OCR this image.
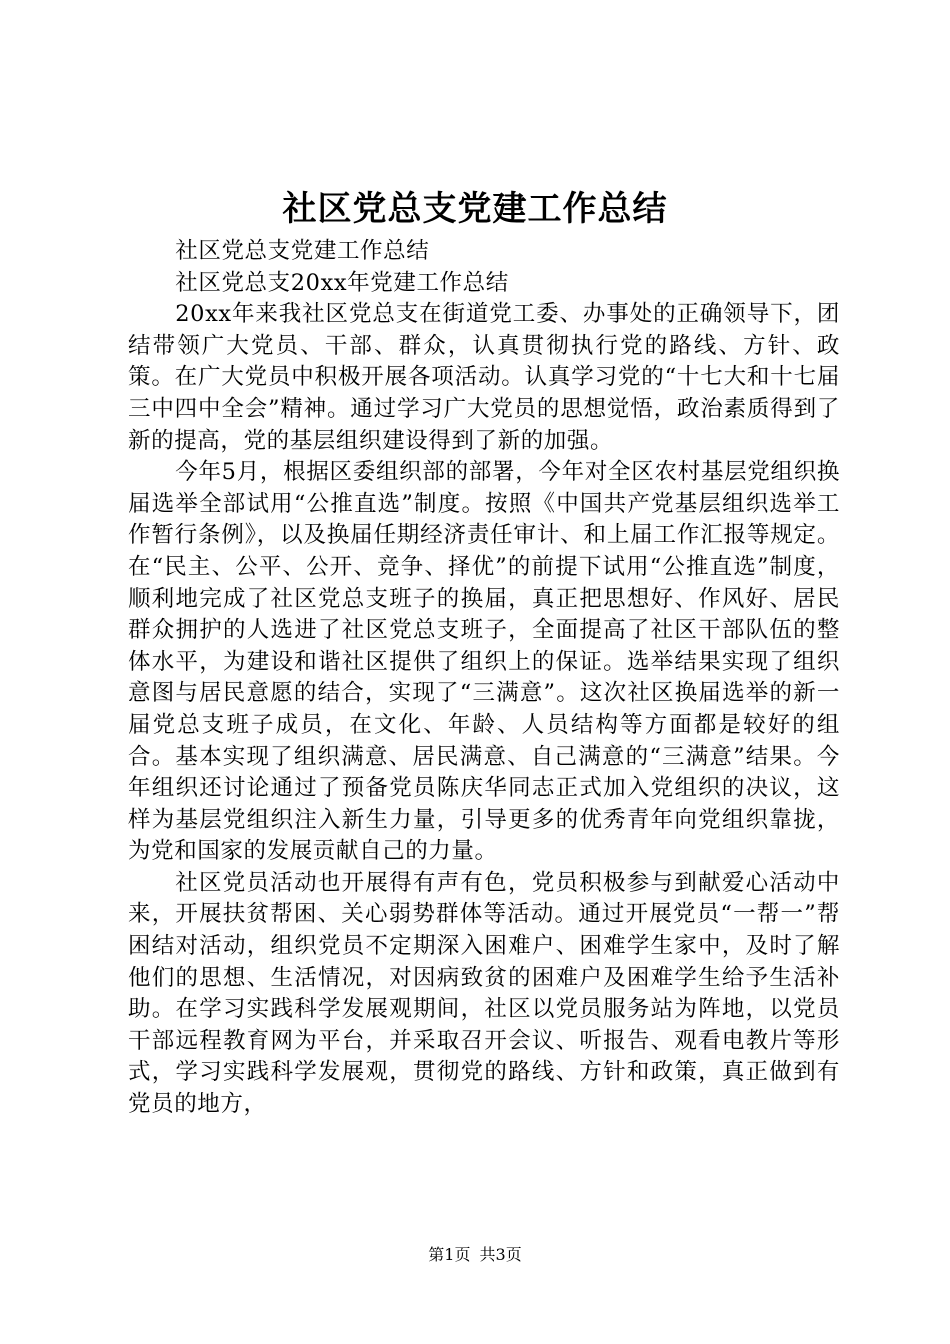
社区党总支党建工作总结

社区党总支党建工作总结

社区党总支20xx年党建工作总结

20xx年来我社区党总支在街道党工委、办事处的正确领导下，团结带领广大党员、干部、群众，认真贯彻执行党的路线、方针、政策。在广大党员中积极开展各项活动。认真学习党的“十七大和十七届三中四中全会”精神。通过学习广大党员的思想觉悟，政治素质得到了新的提高，党的基层组织建设得到了新的加强。

今年5月，根据区委组织部的部署，今年对全区农村基层党组织换届选举全部试用“公推直选”制度。按照《中国共产党基层组织选举工作暂行条例》，以及换届任期经济责任审计、和上届工作汇报等规定。在“民主、公平、公开、竞争、择优”的前提下试用“公推直选”制度，顺利地完成了社区党总支班子的换届，真正把思想好、作风好、居民群众拥护的人选进了社区党总支班子，全面提高了社区干部队伍的整体水平，为建设和谐社区提供了组织上的保证。选举结果实现了组织意图与居民意愿的结合，实现了“三满意”。这次社区换届选举的新一届党总支班子成员，在文化、年龄、人员结构等方面都是较好的组合。基本实现了组织满意、居民满意、自己满意的“三满意”结果。今年组织还讨论通过了预备党员陈庆华同志正式加入党组织的决议，这样为基层党组织注入新生力量，引导更多的优秀青年向党组织靠拢，为党和国家的发展贡献自己的力量。

社区党员活动也开展得有声有色，党员积极参与到献爱心活动中来，开展扶贫帮困、关心弱势群体等活动。通过开展党员“一帮一”帮困结对活动，组织党员不定期深入困难户、困难学生家中，及时了解他们的思想、生活情况，对因病致贫的困难户及困难学生给予生活补助。在学习实践科学发展观期间，社区以党员服务站为阵地，以党员干部远程教育网为平台，并采取召开会议、听报告、观看电教片等形式，学习实践科学发展观，贯彻党的路线、方针和政策，真正做到有党员的地方，

第1页 共3页
